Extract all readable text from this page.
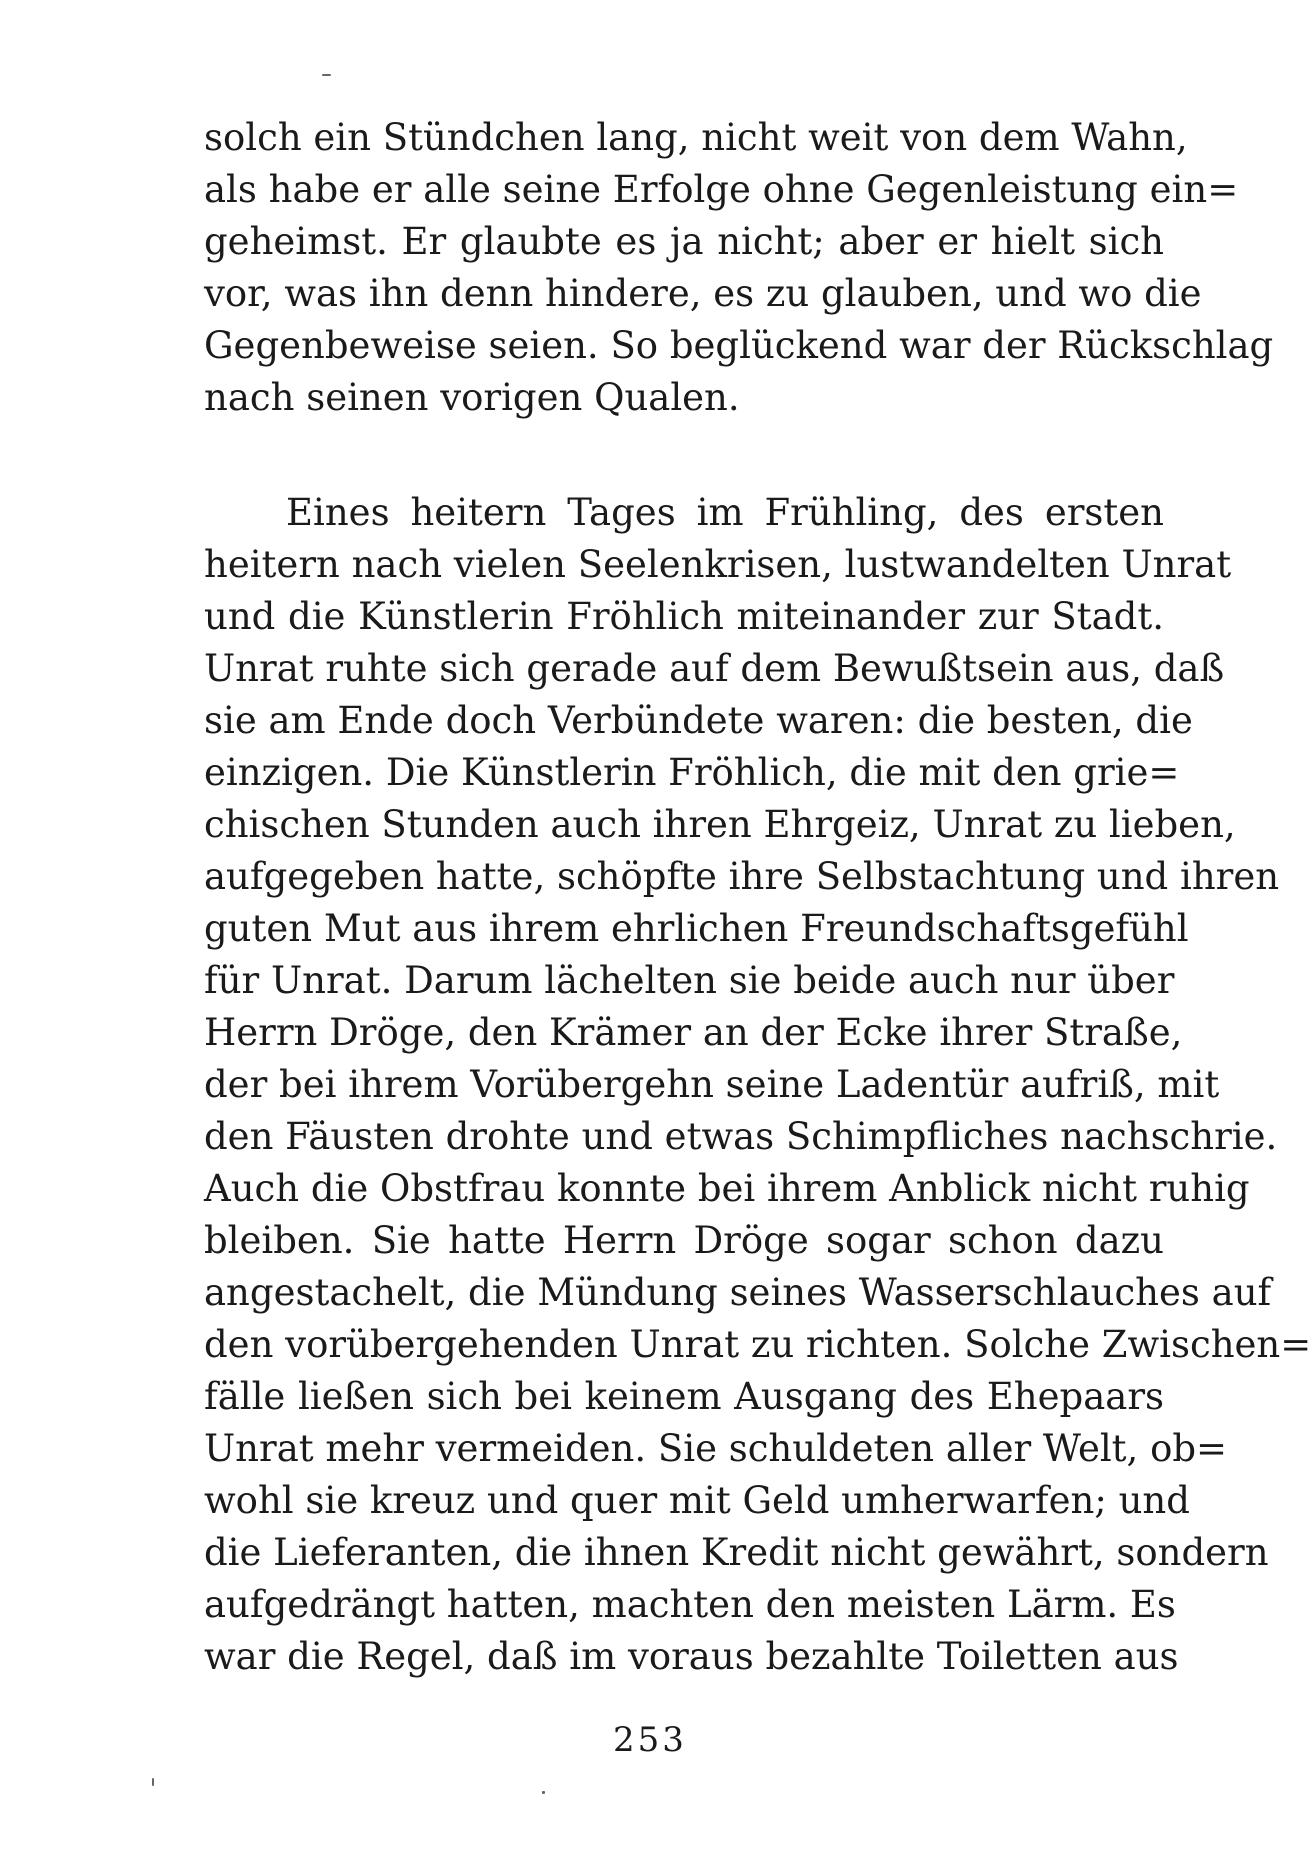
solch ein Stündchen lang, nicht weit von dem Wahn,
als habe er alle seine Erfolge ohne Gegenleistung ein=
geheimst. Er glaubte es ja nicht; aber er hielt sich
vor, was ihn denn hindere, es zu glauben, und wo die
Gegenbeweise seien. So beglückend war der Rückschlag
nach seinen vorigen Qualen.
Eines heitern Tages im Frühling, des ersten
heitern nach vielen Seelenkrisen, lustwandelten Unrat
und die Künstlerin Fröhlich miteinander zur Stadt.
Unrat ruhte sich gerade auf dem Bewußtsein aus, daß
sie am Ende doch Verbündete waren: die besten, die
einzigen. Die Künstlerin Fröhlich, die mit den grie=
chischen Stunden auch ihren Ehrgeiz, Unrat zu lieben,
aufgegeben hatte, schöpfte ihre Selbstachtung und ihren
guten Mut aus ihrem ehrlichen Freundschaftsgefühl
für Unrat. Darum lächelten sie beide auch nur über
Herrn Dröge, den Krämer an der Ecke ihrer Straße,
der bei ihrem Vorübergehn seine Ladentür aufriß, mit
den Fäusten drohte und etwas Schimpfliches nachschrie.
Auch die Obstfrau konnte bei ihrem Anblick nicht ruhig
bleiben. Sie hatte Herrn Dröge sogar schon dazu
angestachelt, die Mündung seines Wasserschlauches auf
den vorübergehenden Unrat zu richten. Solche Zwischen=
fälle ließen sich bei keinem Ausgang des Ehepaars
Unrat mehr vermeiden. Sie schuldeten aller Welt, ob=
wohl sie kreuz und quer mit Geld umherwarfen; und
die Lieferanten, die ihnen Kredit nicht gewährt, sondern
aufgedrängt hatten, machten den meisten Lärm. Es
war die Regel, daß im voraus bezahlte Toiletten aus
253
